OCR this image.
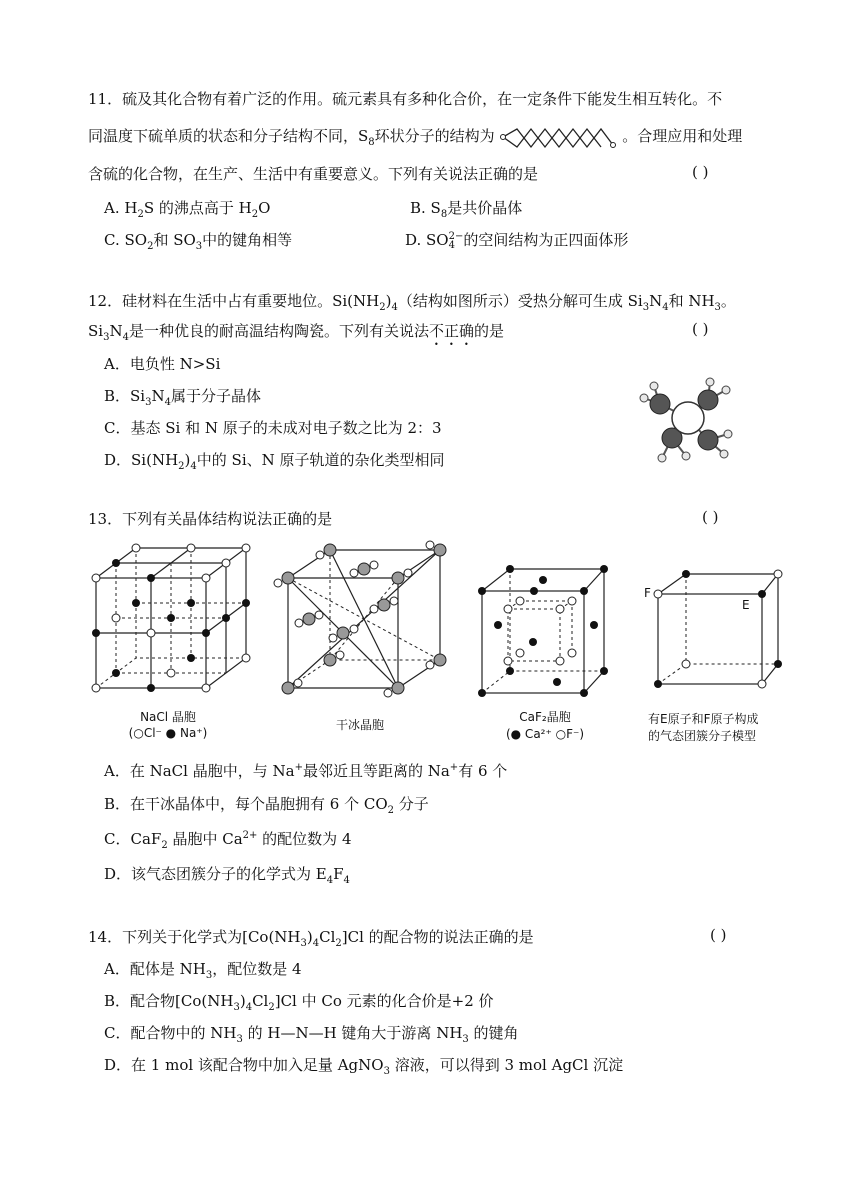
11．硫及其化合物有着广泛的作用。硫元素具有多种化合价，在一定条件下能发生相互转化。不
同温度下硫单质的状态和分子结构不同，$S_8$环状分子的结构为	。合理应用和处理
含硫的化合物，在生产、生活中有重要意义。下列有关说法正确的是	( )
A. $H_2S$ 的沸点高于 $H_2O$	B. $S_8$是共价晶体
C. $SO_2$和 $SO_3$中的键角相等	D. SO 2−
4 的空间结构为正四面体形
12．硅材料在生活中占有重要地位。$Si(NH_2)_4$（结构如图所示）受热分解可生成 $Si_3N_4$和 $NH_3$。
$Si_3N_4$是一种优良的耐高温结构陶瓷。下列有关说法不正确的是	( )
A．电负性 N>Si
B．$Si_3N_4$属于分子晶体
C．基态 Si 和 N 原子的未成对电子数之比为 2：3
D．$Si(NH_2)_4$中的 Si、N 原子轨道的杂化类型相同
13．下列有关晶体结构说法正确的是	( )
NaCl 晶胞
(○Cl⁻ ● Na⁺)
干冰晶胞
CaF₂晶胞
(● Ca²⁺ ○F⁻)
F
E
有E原子和F原子构成
的气态团簇分子模型
A．在 NaCl 晶胞中，与 Na+最邻近且等距离的 Na+有 6 个
B．在干冰晶体中，每个晶胞拥有 6 个 $CO_2$ 分子
C．CaF$_2$ 晶胞中 $Ca^{2+}$ 的配位数为 4
D．该气态团簇分子的化学式为 $E_4F_4$
14．下列关于化学式为$[Co(NH_3)_4Cl_2]Cl$ 的配合物的说法正确的是	( )
A．配体是 $NH_3$，配位数是 4
B．配合物$[Co(NH_3)_4Cl_2]Cl$ 中 Co 元素的化合价是+2 价
C．配合物中的 $NH_3$ 的 H—N—H 键角大于游离 $NH_3$ 的键角
D．在 1 mol 该配合物中加入足量 AgNO$_3$ 溶液，可以得到 3 mol AgCl 沉淀
